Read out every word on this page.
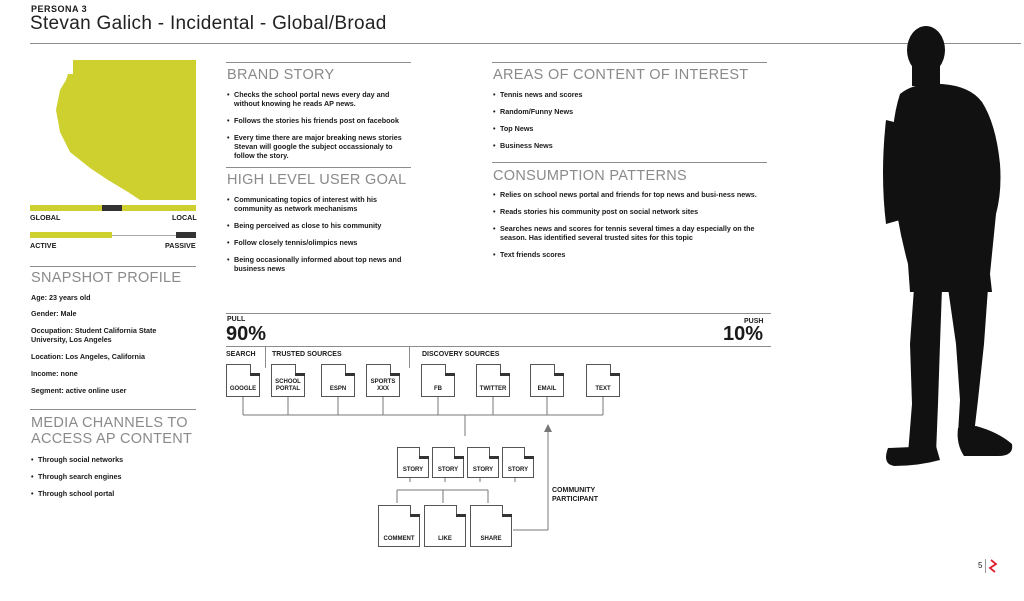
PERSONA 3
Stevan Galich - Incidental - Global/Broad
GLOBAL	LOCAL
ACTIVE	PASSIVE
SNAPSHOT PROFILE
Age: 23 years old
Gender: Male
Occupation: Student California State University, Los Angeles
Location: Los Angeles, California
Income: none
Segment: active online user
MEDIA CHANNELS TO
ACCESS AP CONTENT
• Through social networks
• Through search engines
• Through school portal
BRAND STORY
• Checks the school portal news every day and without knowing he reads AP news.
• Follows the stories his friends post on facebook
• Every time there are major breaking news stories Stevan will google the subject occassionaly to follow the story.
HIGH LEVEL USER GOAL
• Communicating topics of interest with his community as network mechanisms
• Being perceived as close to his community
• Follow closely tennis/olimpics news
• Being occasionally informed about top news and business news
AREAS OF CONTENT OF INTEREST
• Tennis news and scores
• Random/Funny News
• Top News
• Business News
CONSUMPTION PATTERNS
• Relies on school news portal and friends for top news and busi-ness news.
• Reads stories his community post on social network sites
• Searches news and scores for tennis several times a day especially on the season. Has identified several trusted sites for this topic
• Text friends scores
PULL
90%
PUSH
10%
SEARCH TRUSTED SOURCES	DISCOVERY SOURCES
GOOGLE
SCHOOL
PORTAL	ESPN
SPORTS
XXX	FB	TWITTER	EMAIL	TEXT
STORY	STORY	STORY	STORY
COMMENT	LIKE	SHARE
COMMUNITY
PARTICIPANT
5
